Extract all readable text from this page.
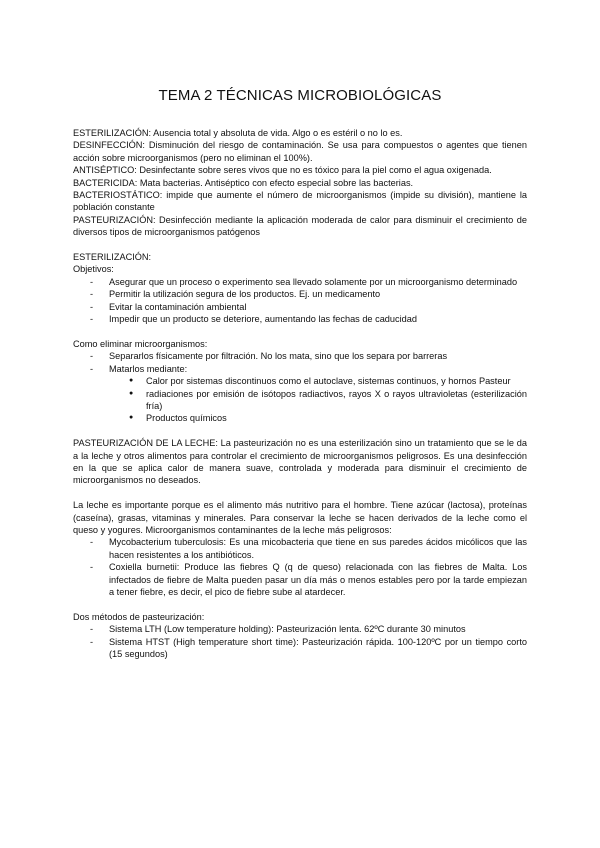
TEMA 2 TÉCNICAS MICROBIOLÓGICAS

ESTERILIZACIÓN: Ausencia total y absoluta de vida. Algo o es estéril o no lo es.

DESINFECCIÓN: Disminución del riesgo de contaminación. Se usa para compuestos o agentes que tienen acción sobre microorganismos (pero no eliminan el 100%).

ANTISÉPTICO: Desinfectante sobre seres vivos que no es tóxico para la piel como el agua oxigenada.

BACTERICIDA: Mata bacterias. Antiséptico con efecto especial sobre las bacterias.

BACTERIOSTÁTICO: impide que aumente el número de microorganismos (impide su división), mantiene la población constante

PASTEURIZACIÓN: Desinfección mediante la aplicación moderada de calor para disminuir el crecimiento de diversos tipos de microorganismos patógenos

ESTERILIZACIÓN:

Objetivos:

- Asegurar que un proceso o experimento sea llevado solamente por un microorganismo determinado
- Permitir la utilización segura de los productos. Ej. un medicamento
- Evitar la contaminación ambiental
- Impedir que un producto se deteriore, aumentando las fechas de caducidad

Como eliminar microorganismos:

- Separarlos físicamente por filtración. No los mata, sino que los separa por barreras
- Matarlos mediante:
● Calor por sistemas discontinuos como el autoclave, sistemas continuos, y hornos Pasteur
● radiaciones por emisión de isótopos radiactivos, rayos X o rayos ultravioletas (esterilización fría)
● Productos químicos

PASTEURIZACIÓN DE LA LECHE: La pasteurización no es una esterilización sino un tratamiento que se le da a la leche y otros alimentos para controlar el crecimiento de microorganismos peligrosos. Es una desinfección en la que se aplica calor de manera suave, controlada y moderada para disminuir el crecimiento de microorganismos no deseados.

La leche es importante porque es el alimento más nutritivo para el hombre. Tiene azúcar (lactosa), proteínas (caseína), grasas, vitaminas y minerales. Para conservar la leche se hacen derivados de la leche como el queso y yogures. Microorganismos contaminantes de la leche más peligrosos:

- Mycobacterium tuberculosis: Es una micobacteria que tiene en sus paredes ácidos micólicos que las hacen resistentes a los antibióticos.
- Coxiella burnetii: Produce las fiebres Q (q de queso) relacionada con las fiebres de Malta. Los infectados de fiebre de Malta pueden pasar un día más o menos estables pero por la tarde empiezan a tener fiebre, es decir, el pico de fiebre sube al atardecer.

Dos métodos de pasteurización:

- Sistema LTH (Low temperature holding): Pasteurización lenta. 62ºC durante 30 minutos
- Sistema HTST (High temperature short time): Pasteurización rápida. 100-120ºC por un tiempo corto (15 segundos)
